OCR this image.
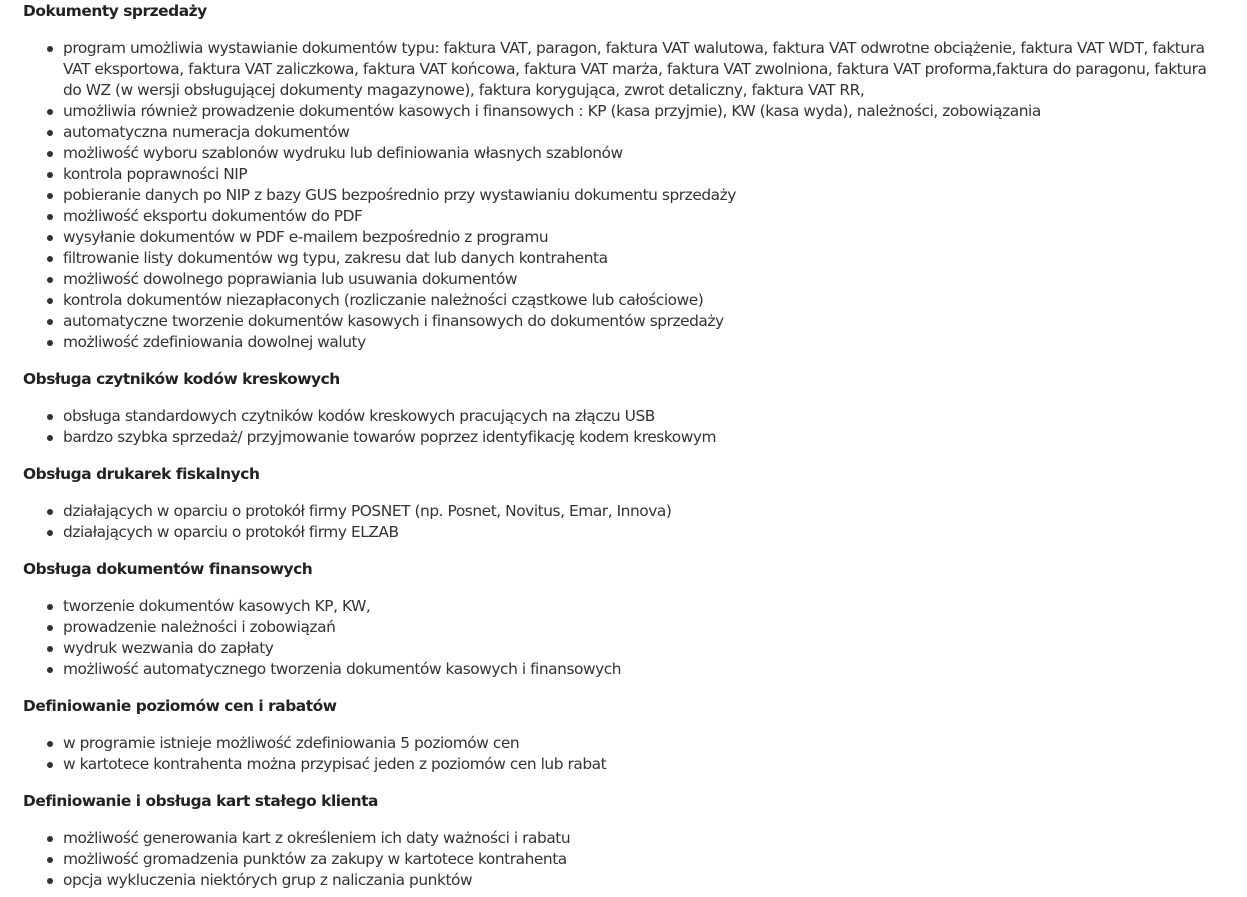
Dokumenty sprzedaży
program umożliwia wystawianie dokumentów typu: faktura VAT, paragon, faktura VAT walutowa, faktura VAT odwrotne obciążenie, faktura VAT WDT, faktura VAT eksportowa, faktura VAT zaliczkowa, faktura VAT końcowa, faktura VAT marża, faktura VAT zwolniona, faktura VAT proforma,faktura do paragonu, faktura do WZ (w wersji obsługującej dokumenty magazynowe), faktura korygująca, zwrot detaliczny, faktura VAT RR,
umożliwia również prowadzenie dokumentów kasowych i finansowych : KP (kasa przyjmie), KW (kasa wyda), należności, zobowiązania
automatyczna numeracja dokumentów
możliwość wyboru szablonów wydruku lub definiowania własnych szablonów
kontrola poprawności NIP
pobieranie danych po NIP z bazy GUS bezpośrednio przy wystawianiu dokumentu sprzedaży
możliwość eksportu dokumentów do PDF
wysyłanie dokumentów w PDF e-mailem bezpośrednio z programu
filtrowanie listy dokumentów wg typu, zakresu dat lub danych kontrahenta
możliwość dowolnego poprawiania lub usuwania dokumentów
kontrola dokumentów niezapłaconych (rozliczanie należności cząstkowe lub całościowe)
automatyczne tworzenie dokumentów kasowych i finansowych do dokumentów sprzedaży
możliwość zdefiniowania dowolnej waluty
Obsługa czytników kodów kreskowych
obsługa standardowych czytników kodów kreskowych pracujących na złączu USB
bardzo szybka sprzedaż/ przyjmowanie towarów poprzez identyfikację kodem kreskowym
Obsługa drukarek fiskalnych
działających w oparciu o protokół firmy POSNET (np. Posnet, Novitus, Emar, Innova)
działających w oparciu o protokół firmy ELZAB
Obsługa dokumentów finansowych
tworzenie dokumentów kasowych KP, KW,
prowadzenie należności i zobowiązań
wydruk wezwania do zapłaty
możliwość automatycznego tworzenia dokumentów kasowych i finansowych
Definiowanie poziomów cen i rabatów
w programie istnieje możliwość zdefiniowania 5 poziomów cen
w kartotece kontrahenta można przypisać jeden z poziomów cen lub rabat
Definiowanie i obsługa kart stałego klienta
możliwość generowania kart z określeniem ich daty ważności i rabatu
możliwość gromadzenia punktów za zakupy w kartotece kontrahenta
opcja wykluczenia niektórych grup z naliczania punktów
